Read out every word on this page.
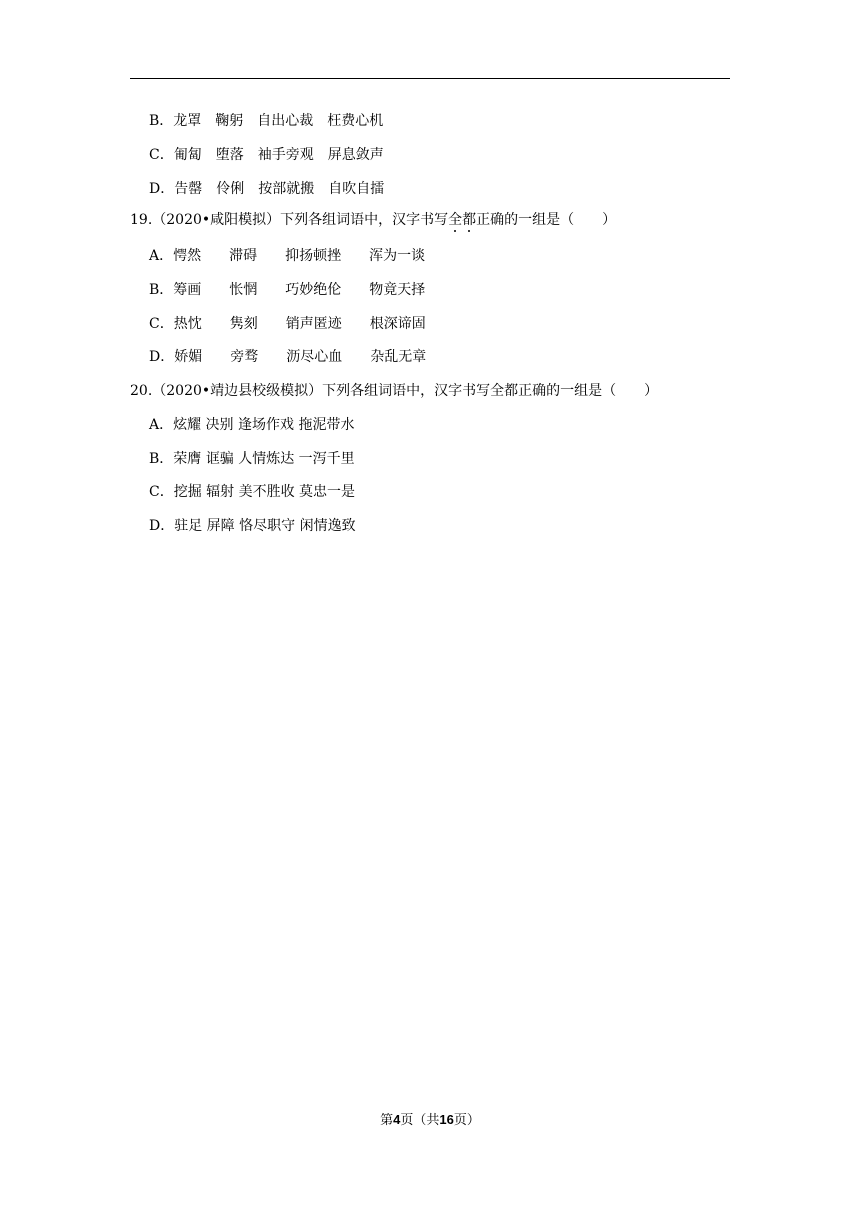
B．龙罩　鞠躬　自出心裁　枉费心机
C．匍匐　堕落　袖手旁观　屏息敛声
D．告罄　伶俐　按部就搬　自吹自擂
19.（2020•咸阳模拟）下列各组词语中，汉字书写全都正确的一组是（　　）
A．愕然　　滞碍　　抑扬顿挫　　浑为一谈
B．筹画　　怅惘　　巧妙绝伦　　物竟天择
C．热忱　　隽刻　　销声匿迹　　根深谛固
D．娇媚　　旁骛　　沥尽心血　　杂乱无章
20.（2020•靖边县校级模拟）下列各组词语中，汉字书写全都正确的一组是（　　）
A．炫耀 决别 逢场作戏 拖泥带水
B．荣膺 诓骗 人情炼达 一泻千里
C．挖掘 辐射 美不胜收 莫忠一是
D．驻足 屏障 恪尽职守 闲情逸致
第4页（共16页）
